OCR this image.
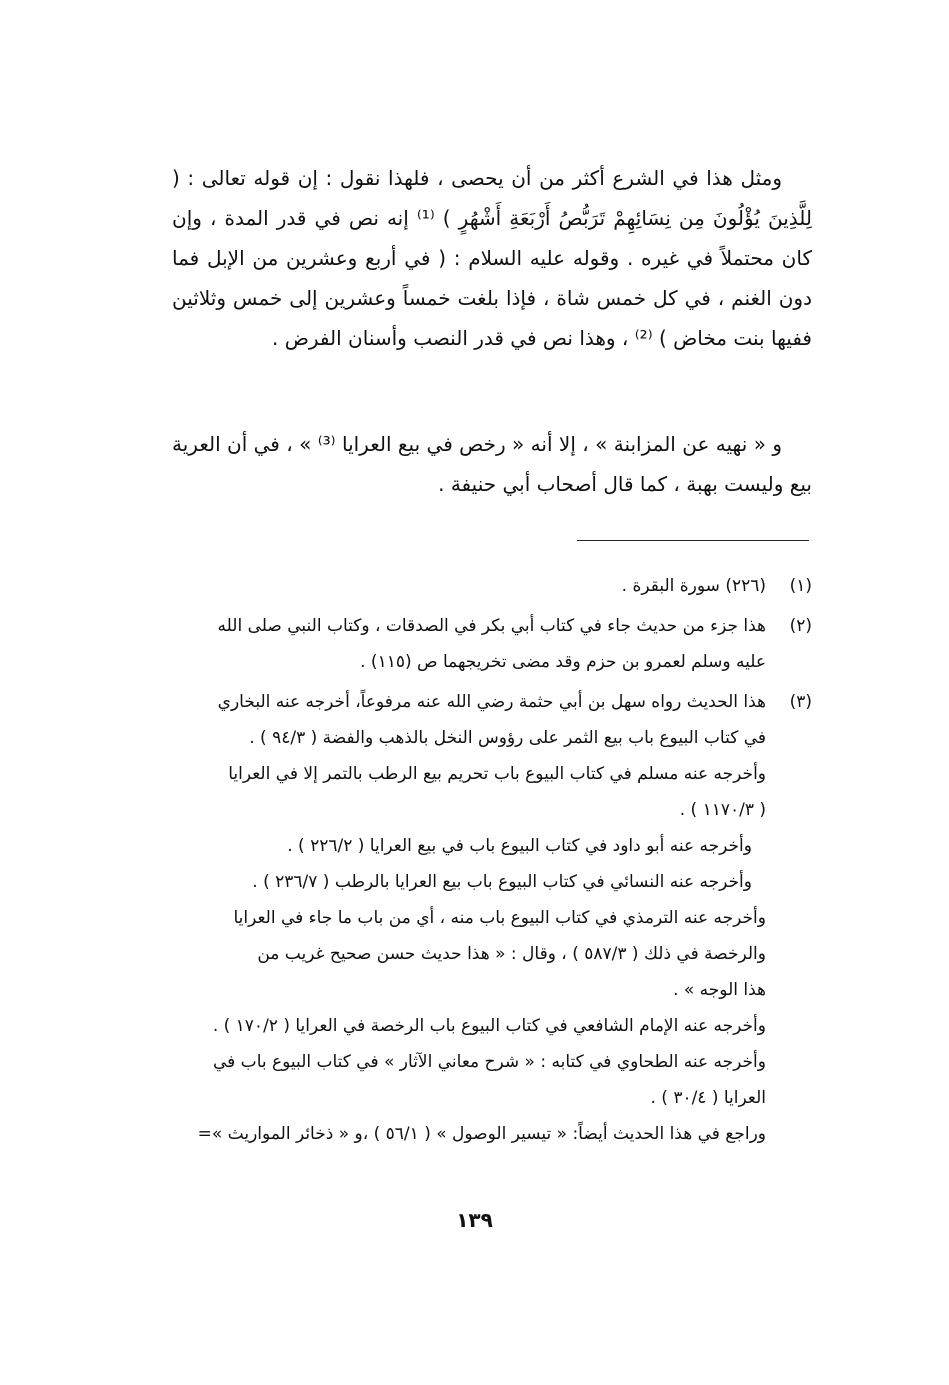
ومثل هذا في الشرع أكثر من أن يحصى ، فلهذا نقول : إن قوله تعالى : ( لِلَّذِينَ يُؤْلُونَ مِن نِسَائِهِمْ تَرَبُّصُ أَرْبَعَةِ أَشْهُرٍ ) ⁽¹⁾ إنه نص في قدر المدة ، وإن كان محتملاً في غيره . وقوله عليه السلام : ( في أربع وعشرين من الإبل فما دون الغنم ، في كل خمس شاة ، فإذا بلغت خمساً وعشرين إلى خمس وثلاثين ففيها بنت مخاض ) ⁽²⁾ ، وهذا نص في قدر النصب وأسنان الفرض .

و « نهيه عن المزابنة » ، إلا أنه « رخص في بيع العرايا ⁽³⁾ » ، في أن العرية بيع وليست بهبة ، كما قال أصحاب أبي حنيفة .

(١)
(٢٢٦) سورة البقرة .
(٢)
هذا جزء من حديث جاء في كتاب أبي بكر في الصدقات ، وكتاب النبي صلى الله
عليه وسلم لعمرو بن حزم وقد مضى تخريجهما ص (١١٥) .
(٣)
هذا الحديث رواه سهل بن أبي حثمة رضي الله عنه مرفوعاً، أخرجه عنه البخاري
في كتاب البيوع باب بيع الثمر على رؤوس النخل بالذهب والفضة ( ٩٤/٣ ) .
وأخرجه عنه مسلم في كتاب البيوع باب تحريم بيع الرطب بالتمر إلا في العرايا
( ١١٧٠/٣ ) .
وأخرجه عنه أبو داود في كتاب البيوع باب في بيع العرايا ( ٢٢٦/٢ ) .
وأخرجه عنه النسائي في كتاب البيوع باب بيع العرايا بالرطب ( ٢٣٦/٧ ) .
وأخرجه عنه الترمذي في كتاب البيوع باب منه ، أي من باب ما جاء في العرايا
والرخصة في ذلك ( ٥٨٧/٣ ) ، وقال : « هذا حديث حسن صحيح غريب من
هذا الوجه » .
وأخرجه عنه الإمام الشافعي في كتاب البيوع باب الرخصة في العرايا ( ١٧٠/٢ ) .
وأخرجه عنه الطحاوي في كتابه : « شرح معاني الآثار » في كتاب البيوع باب في
العرايا ( ٣٠/٤ ) .
وراجع في هذا الحديث أيضاً: « تيسير الوصول » ( ٥٦/١ ) ،و « ذخائر المواريث »=
١٣٩
